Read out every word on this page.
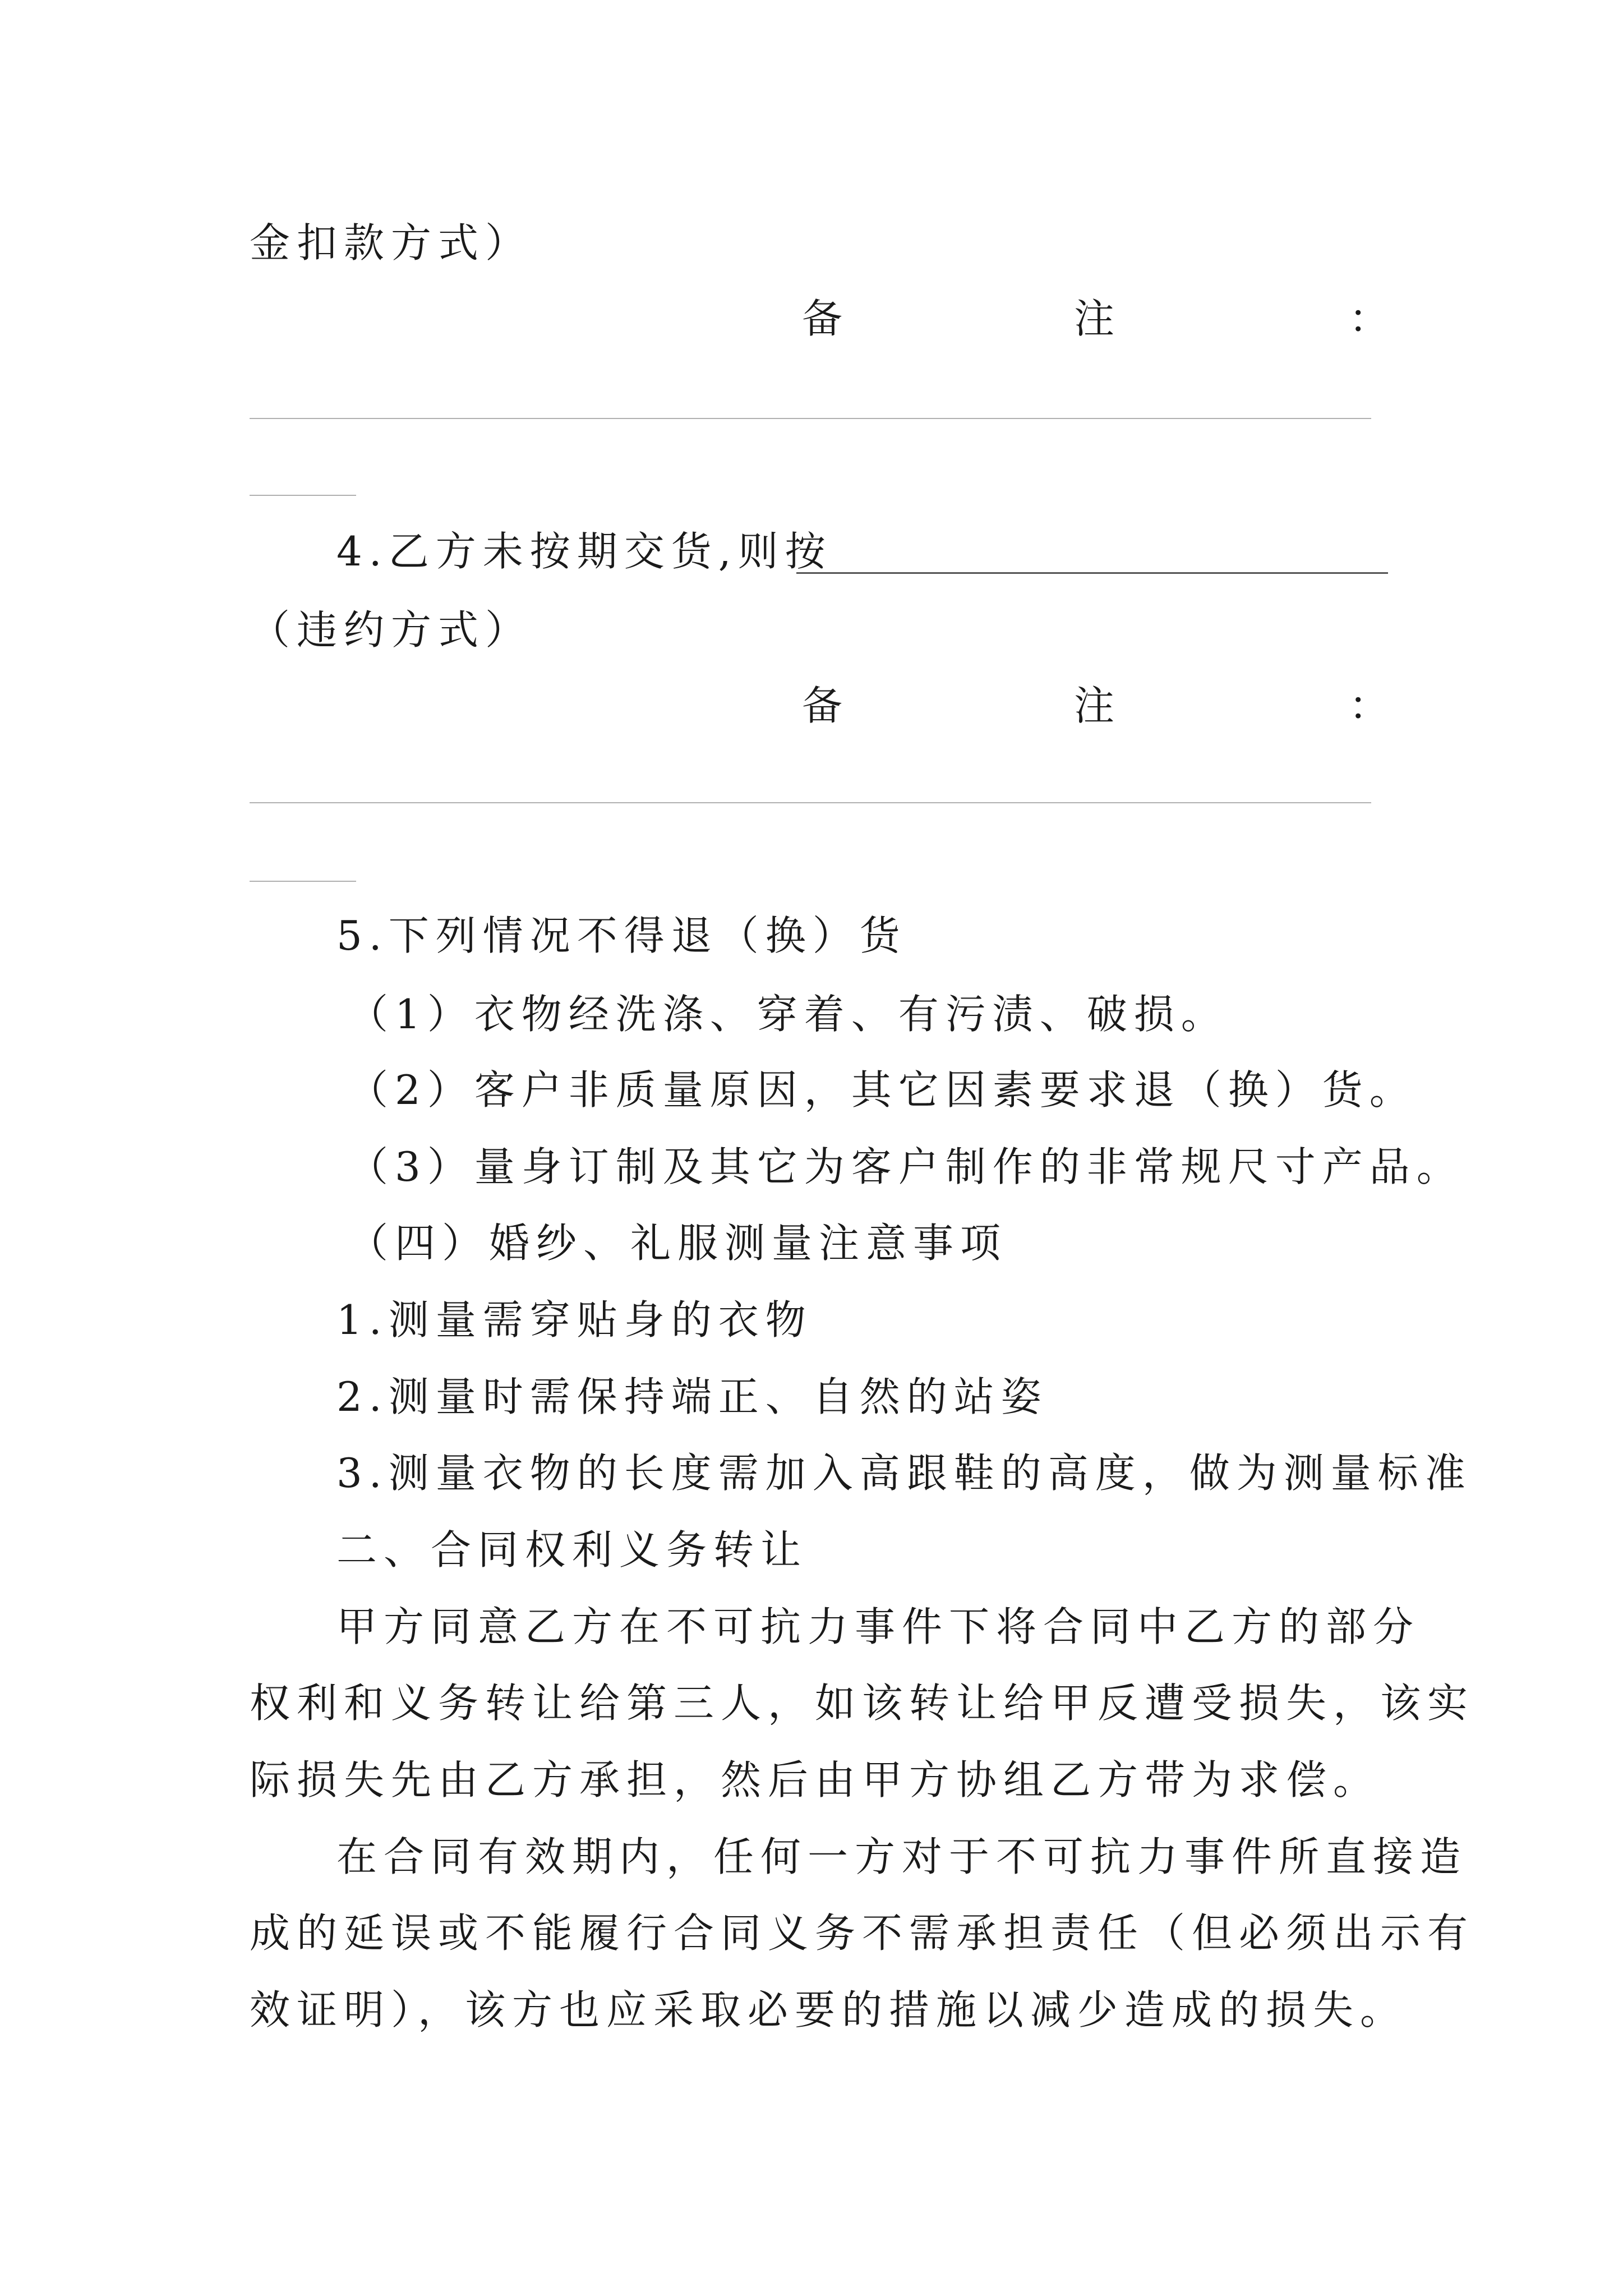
金扣款方式）
备	注	：
4.乙方未按期交货,则按
（违约方式）
备	注	：
5.下列情况不得退（换）货
（1）衣物经洗涤、穿着、有污渍、破损。
（2）客户非质量原因，其它因素要求退（换）货。
（3）量身订制及其它为客户制作的非常规尺寸产品。
（四）婚纱、礼服测量注意事项
1.测量需穿贴身的衣物
2.测量时需保持端正、自然的站姿
3.测量衣物的长度需加入高跟鞋的高度，做为测量标准
二、合同权利义务转让
甲方同意乙方在不可抗力事件下将合同中乙方的部分
权利和义务转让给第三人，如该转让给甲反遭受损失，该实
际损失先由乙方承担，然后由甲方协组乙方带为求偿。
在合同有效期内，任何一方对于不可抗力事件所直接造
成的延误或不能履行合同义务不需承担责任（但必须出示有
效证明），该方也应采取必要的措施以减少造成的损失。
